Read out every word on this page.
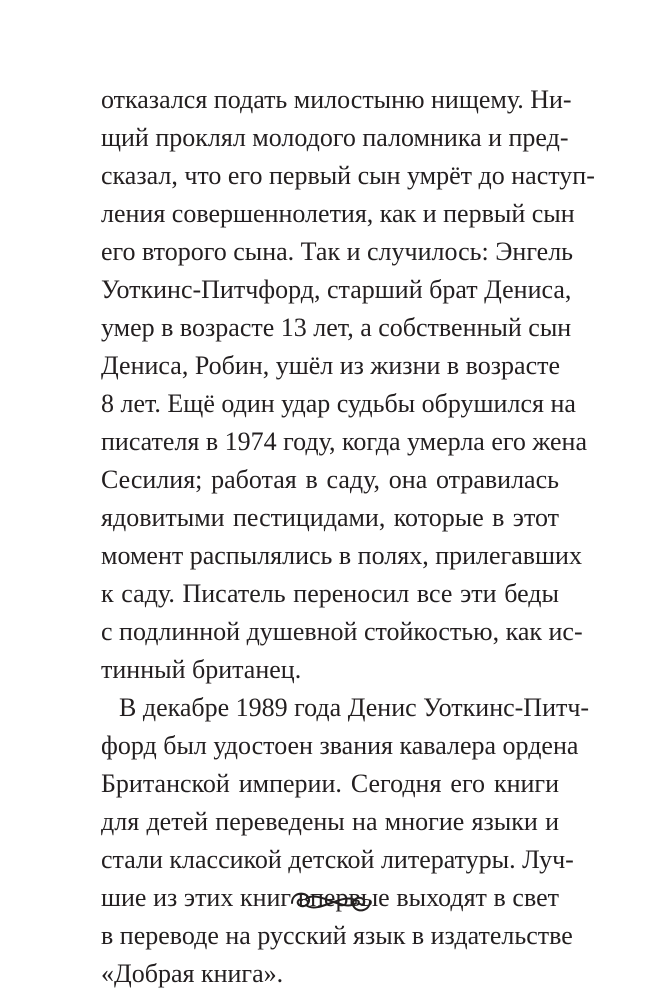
отказался подать милостыню нищему. Ни-
щий проклял молодого паломника и пред-
сказал, что его первый сын умрёт до наступ-
ления совершеннолетия, как и первый сын
его второго сына. Так и случилось: Энгель
Уоткинс-Питчфорд, старший брат Дениса,
умер в возрасте 13 лет, а собственный сын
Дениса, Робин, ушёл из жизни в возрасте
8 лет. Ещё один удар судьбы обрушился на
писателя в 1974 году, когда умерла его жена
Сесилия; работая в саду, она отравилась
ядовитыми пестицидами, которые в этот
момент распылялись в полях, прилегавших
к саду. Писатель переносил все эти беды
с подлинной душевной стойкостью, как ис-
тинный британец.
В декабре 1989 года Денис Уоткинс-Питч-
форд был удостоен звания кавалера ордена
Британской империи. Сегодня его книги
для детей переведены на многие языки и
стали классикой детской литературы. Луч-
шие из этих книг впервые выходят в свет
в переводе на русский язык в издательстве
«Добрая книга».
